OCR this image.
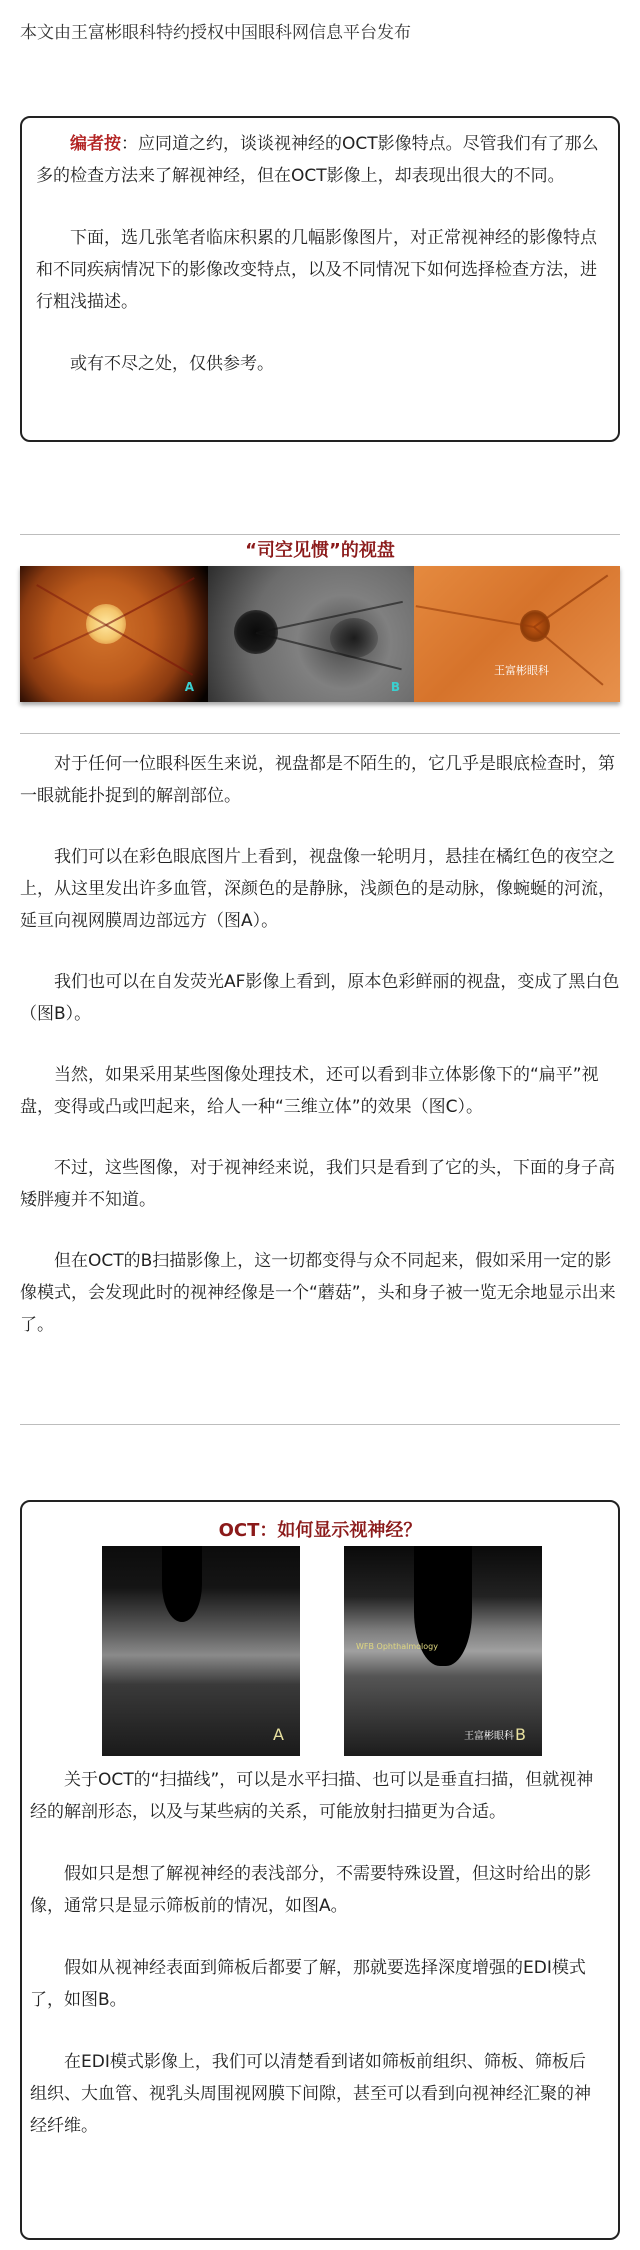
本文由王富彬眼科特约授权中国眼科网信息平台发布

编者按：应同道之约，谈谈视神经的OCT影像特点。尽管我们有了那么多的检查方法来了解视神经，但在OCT影像上，却表现出很大的不同。

下面，选几张笔者临床积累的几幅影像图片，对正常视神经的影像特点和不同疾病情况下的影像改变特点，以及不同情况下如何选择检查方法，进行粗浅描述。

或有不尽之处，仅供参考。

“司空见惯”的视盘
A	B
王富彬眼科

对于任何一位眼科医生来说，视盘都是不陌生的，它几乎是眼底检查时，第一眼就能扑捉到的解剖部位。

我们可以在彩色眼底图片上看到，视盘像一轮明月，悬挂在橘红色的夜空之上，从这里发出许多血管，深颜色的是静脉，浅颜色的是动脉，像蜿蜒的河流，延亘向视网膜周边部远方（图A）。

我们也可以在自发荧光AF影像上看到，原本色彩鲜丽的视盘，变成了黑白色（图B）。

当然，如果采用某些图像处理技术，还可以看到非立体影像下的“扁平”视盘，变得或凸或凹起来，给人一种“三维立体”的效果（图C）。

不过，这些图像，对于视神经来说，我们只是看到了它的头，下面的身子高矮胖瘦并不知道。

但在OCT的B扫描影像上，这一切都变得与众不同起来，假如采用一定的影像模式，会发现此时的视神经像是一个“蘑菇”，头和身子被一览无余地显示出来了。

OCT：如何显示视神经？
A
WFB Ophthalmology
王富彬眼科 B

关于OCT的“扫描线”，可以是水平扫描、也可以是垂直扫描，但就视神经的解剖形态，以及与某些病的关系，可能放射扫描更为合适。

假如只是想了解视神经的表浅部分，不需要特殊设置，但这时给出的影像，通常只是显示筛板前的情况，如图A。

假如从视神经表面到筛板后都要了解，那就要选择深度增强的EDI模式了，如图B。

在EDI模式影像上，我们可以清楚看到诸如筛板前组织、筛板、筛板后组织、大血管、视乳头周围视网膜下间隙，甚至可以看到向视神经汇聚的神经纤维。
